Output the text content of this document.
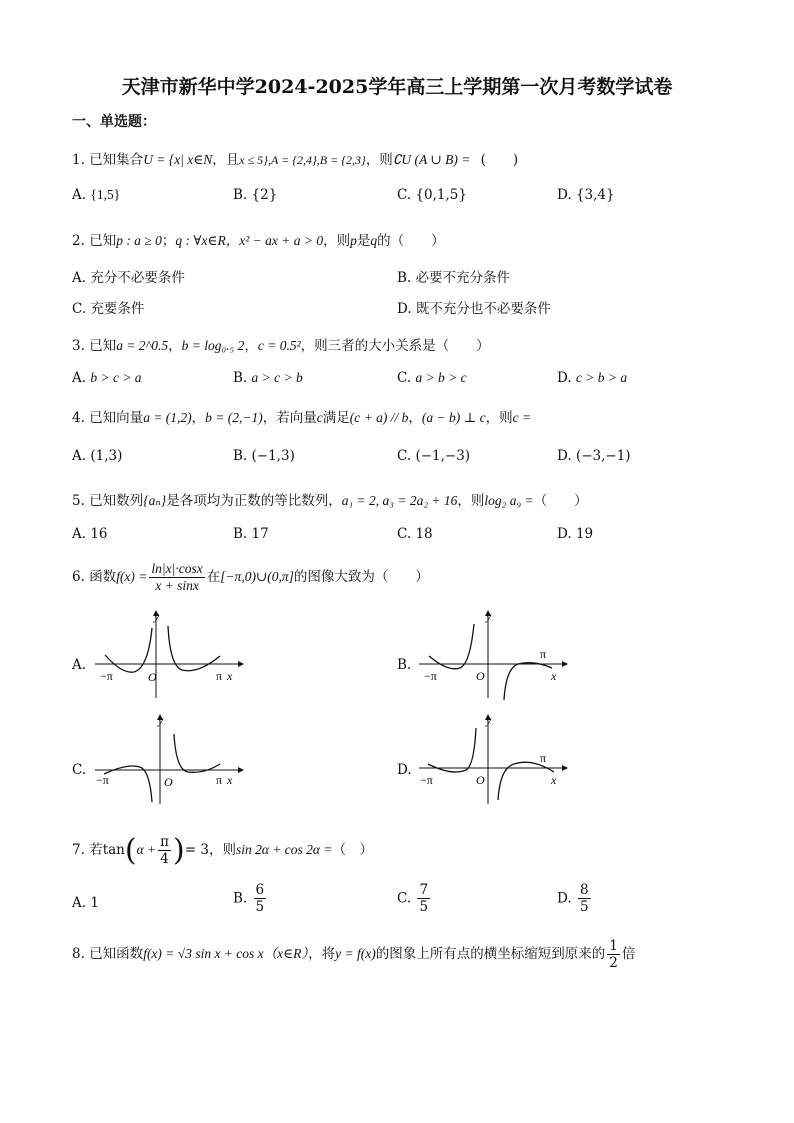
天津市新华中学2024-2025学年高三上学期第一次月考数学试卷
一、单选题：
1. 已知集合U = {x| x∈N，且x ≤ 5},A = {2,4},B = {2,3}，则∁U (A ∪ B) = (　　)
A. {1,5}	B. {2}	C. {0,1,5}	D. {3,4}
2. 已知p : a ≥ 0；q : ∀x∈R，x² − ax + a > 0，则p是q的（　　）
A. 充分不必要条件	B. 必要不充分条件
C. 充要条件	D. 既不充分也不必要条件
3. 已知a = 2^0.5，b = log₀.₅ 2，c = 0.5²，则三者的大小关系是（　　）
A. b > c > a	B. a > c > b	C. a > b > c	D. c > b > a
4. 已知向量a = (1,2)，b = (2,−1)，若向量c满足(c + a) // b，(a − b) ⊥ c，则c =
A. (1,3)	B. (−1,3)	C. (−1,−3)	D. (−3,−1)
5. 已知数列{aₙ}是各项均为正数的等比数列，a₁ = 2, a₃ = 2a₂ + 16，则log₂ a₉ =（　　）
A. 16	B. 17	C. 18	D. 19
6. 函数$f(x) = \frac{\ln|x|\cdot\cos x}{x + \sin x}$ 在[−π,0)∪(0,π]的图像大致为（　　）
A.
y
O
−π	π x
B.
y
O
−π
π
x
C.
y
O
−π	π x
D.
y
O
−π
π
x
7. 若$\tan(\alpha + \frac{\pi}{4}$ )= 3，则sin 2α + cos 2α =（　）
A. 1	B. $\frac{6}{5}$	C. $\frac{7}{5}$	D. $\frac{8}{5}$
8. 已知函数f(x) = √3 sin x + cos x（x∈R），将y = f(x)的图象上所有点的横坐标缩短到原来的 $\frac{1}{2}$ 倍
